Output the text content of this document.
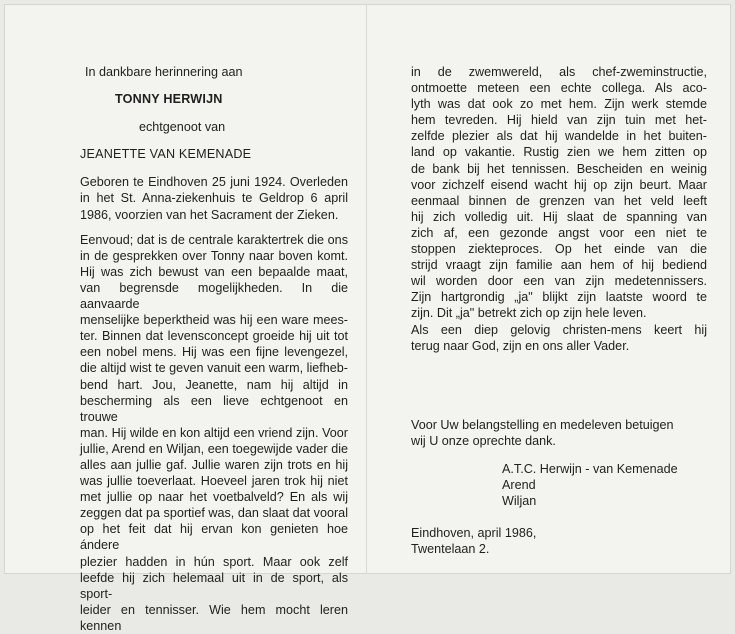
In dankbare herinnering aan
TONNY HERWIJN
echtgenoot van
JEANETTE VAN KEMENADE
Geboren te Eindhoven 25 juni 1924. Overleden
in het St. Anna-ziekenhuis te Geldrop 6 april
1986, voorzien van het Sacrament der Zieken.
Eenvoud; dat is de centrale karaktertrek die ons
in de gesprekken over Tonny naar boven komt.
Hij was zich bewust van een bepaalde maat,
van begrensde mogelijkheden. In die aanvaarde
menselijke beperktheid was hij een ware mees-
ter. Binnen dat levensconcept groeide hij uit tot
een nobel mens. Hij was een fijne levengezel,
die altijd wist te geven vanuit een warm, liefheb-
bend hart. Jou, Jeanette, nam hij altijd in
bescherming als een lieve echtgenoot en trouwe
man. Hij wilde en kon altijd een vriend zijn. Voor
jullie, Arend en Wiljan, een toegewijde vader die
alles aan jullie gaf. Jullie waren zijn trots en hij
was jullie toeverlaat. Hoeveel jaren trok hij niet
met jullie op naar het voetbalveld? En als wij
zeggen dat pa sportief was, dan slaat dat vooral
op het feit dat hij ervan kon genieten hoe ándere
plezier hadden in hún sport. Maar ook zelf
leefde hij zich helemaal uit in de sport, als sport-
leider en tennisser. Wie hem mocht leren kennen
in de zwemwereld, als chef-zweminstructie,
ontmoette meteen een echte collega. Als aco-
lyth was dat ook zo met hem. Zijn werk stemde
hem tevreden. Hij hield van zijn tuin met het-
zelfde plezier als dat hij wandelde in het buiten-
land op vakantie. Rustig zien we hem zitten op
de bank bij het tennissen. Bescheiden en weinig
voor zichzelf eisend wacht hij op zijn beurt. Maar
eenmaal binnen de grenzen van het veld leeft
hij zich volledig uit. Hij slaat de spanning van
zich af, een gezonde angst voor een niet te
stoppen ziekteproces. Op het einde van die
strijd vraagt zijn familie aan hem of hij bediend
wil worden door een van zijn medetennissers.
Zijn hartgrondig „ja" blijkt zijn laatste woord te
zijn. Dit „ja" betrekt zich op zijn hele leven.
Als een diep gelovig christen-mens keert hij
terug naar God, zijn en ons aller Vader.
Voor Uw belangstelling en medeleven betuigen
wij U onze oprechte dank.
A.T.C. Herwijn - van Kemenade
Arend
Wiljan
Eindhoven, april 1986,
Twentelaan 2.
